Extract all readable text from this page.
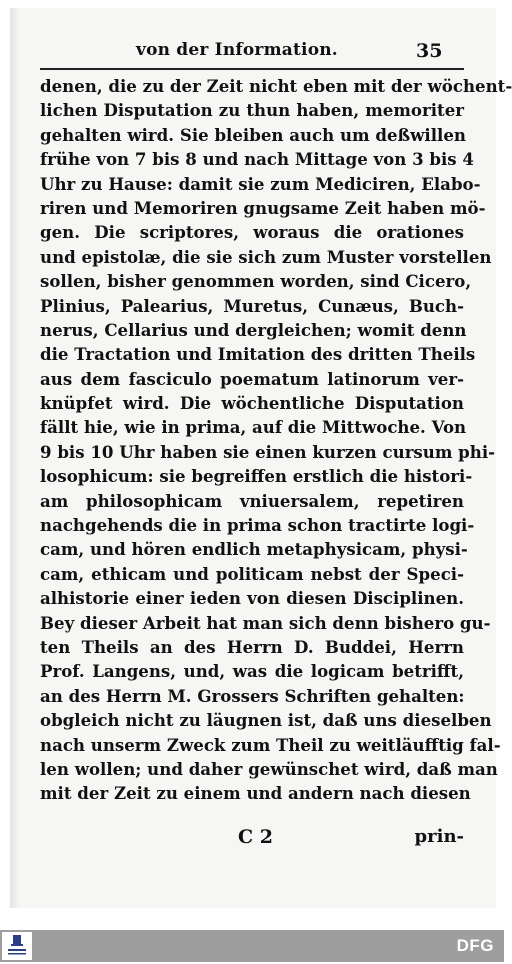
von der Information.	35
denen, die zu der Zeit nicht eben mit der wöchent-
lichen Disputation zu thun haben, memoriter
gehalten wird. Sie bleiben auch um deßwillen
frühe von 7 bis 8 und nach Mittage von 3 bis 4
Uhr zu Hause: damit sie zum Mediciren, Elabo-
riren und Memoriren gnugsame Zeit haben mö-
gen. Die scriptores, woraus die orationes
und epistolæ, die sie sich zum Muster vorstellen
sollen, bisher genommen worden, sind Cicero,
Plinius, Palearius, Muretus, Cunæus, Buch-
nerus, Cellarius und dergleichen; womit denn
die Tractation und Imitation des dritten Theils
aus dem fasciculo poematum latinorum ver-
knüpfet wird. Die wöchentliche Disputation
fällt hie, wie in prima, auf die Mittwoche. Von
9 bis 10 Uhr haben sie einen kurzen cursum phi-
losophicum: sie begreiffen erstlich die histori-
am philosophicam vniuersalem, repetiren
nachgehends die in prima schon tractirte logi-
cam, und hören endlich metaphysicam, physi-
cam, ethicam und politicam nebst der Speci-
alhistorie einer ieden von diesen Disciplinen.
Bey dieser Arbeit hat man sich denn bishero gu-
ten Theils an des Herrn D. Buddei, Herrn
Prof. Langens, und, was die logicam betrifft,
an des Herrn M. Grossers Schriften gehalten:
obgleich nicht zu läugnen ist, daß uns dieselben
nach unserm Zweck zum Theil zu weitläufftig fal-
len wollen; und daher gewünschet wird, daß man
mit der Zeit zu einem und andern nach diesen
C 2	prin-
DFG
